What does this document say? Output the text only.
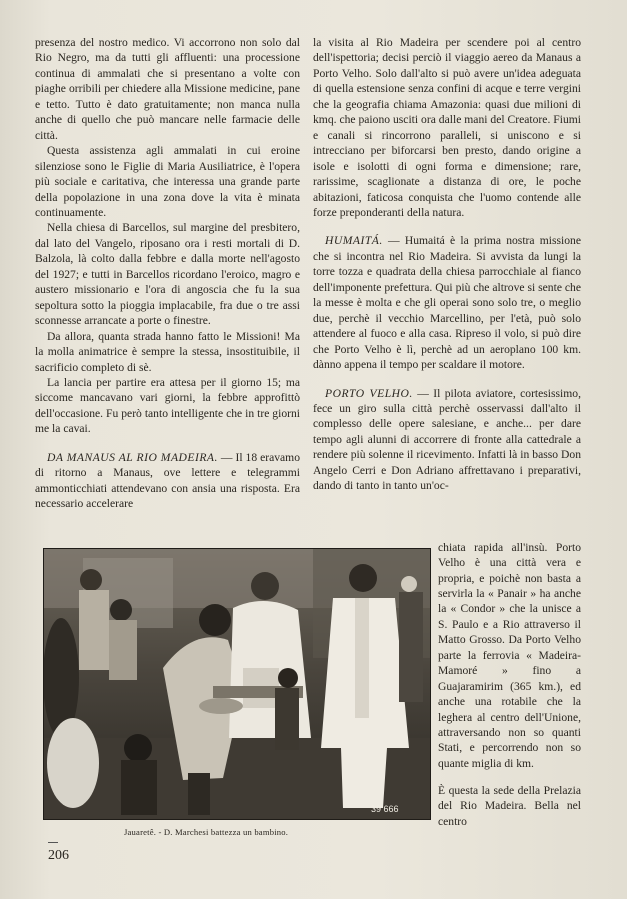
presenza del nostro medico. Vi accorrono non solo dal Rio Negro, ma da tutti gli affluenti: una processione continua di ammalati che si presentano a volte con piaghe orribili per chiedere alla Missione medicine, pane e tetto. Tutto è dato gratuitamente; non manca nulla anche di quello che può mancare nelle farmacie delle città.

Questa assistenza agli ammalati in cui eroine silenziose sono le Figlie di Maria Ausiliatrice, è l'opera più sociale e caritativa, che interessa una grande parte della popolazione in una zona dove la vita è minata continuamente.

Nella chiesa di Barcellos, sul margine del presbitero, dal lato del Vangelo, riposano ora i resti mortali di D. Balzola, là colto dalla febbre e dalla morte nell'agosto del 1927; e tutti in Barcellos ricordano l'eroico, magro e austero missionario e l'ora di angoscia che fu la sua sepoltura sotto la pioggia implacabile, fra due o tre assi sconnesse arrancate a porte o finestre.

Da allora, quanta strada hanno fatto le Missioni! Ma la molla animatrice è sempre la stessa, insostituibile, il sacrificio completo di sè.

La lancia per partire era attesa per il giorno 15; ma siccome mancavano vari giorni, la febbre approfittò dell'occasione. Fu però tanto intelligente che in tre giorni me la cavai.

DA MANAUS AL RIO MADEIRA. — Il 18 eravamo di ritorno a Manaus, ove lettere e telegrammi ammonticchiati attendevano con ansia una risposta. Era necessario accelerare

la visita al Rio Madeira per scendere poi al centro dell'ispettoria; decisi perciò il viaggio aereo da Manaus a Porto Velho. Solo dall'alto si può avere un'idea adeguata di quella estensione senza confini di acque e terre vergini che la geografia chiama Amazonia: quasi due milioni di kmq. che paiono usciti ora dalle mani del Creatore. Fiumi e canali si rincorrono paralleli, si uniscono e si intrecciano per biforcarsi ben presto, dando origine a isole e isolotti di ogni forma e dimensione; rare, rarissime, scaglionate a distanza di ore, le poche abitazioni, faticosa conquista che l'uomo contende alle forze preponderanti della natura.

HUMAITÁ. — Humaitá è la prima nostra missione che si incontra nel Rio Madeira. Si avvista da lungi la torre tozza e quadrata della chiesa parrocchiale al fianco dell'imponente prefettura. Qui più che altrove si sente che la messe è molta e che gli operai sono solo tre, o meglio due, perchè il vecchio Marcellino, per l'età, può solo attendere al fuoco e alla casa. Ripreso il volo, si può dire che Porto Velho è lì, perchè ad un aeroplano 100 km. dànno appena il tempo per scaldare il motore.

PORTO VELHO. — Il pilota aviatore, cortesissimo, fece un giro sulla città perchè osservassi dall'alto il complesso delle opere salesiane, e anche... per dare tempo agli alunni di accorrere di fronte alla cattedrale a rendere più solenne il ricevimento. Infatti là in basso Don Angelo Cerri e Don Adriano affrettavano i preparativi, dando di tanto in tanto un'oc-

chiata rapida all'insù. Porto Velho è una città vera e propria, e poichè non basta a servirla la « Panair » ha anche la « Condor » che la unisce a S. Paulo e a Rio attraverso il Matto Grosso. Da Porto Velho parte la ferrovia « Madeira-Mamoré » fino a Guajaramirim (365 km.), ed anche una rotabile che la leghera al centro dell'Unione, attraversando non so quanti Stati, e percorrendo non so quante miglia di km.

È questa la sede della Prelazia del Rio Madeira. Bella nel centro

39 666
Jauaretê. - D. Marchesi battezza un bambino.
206
